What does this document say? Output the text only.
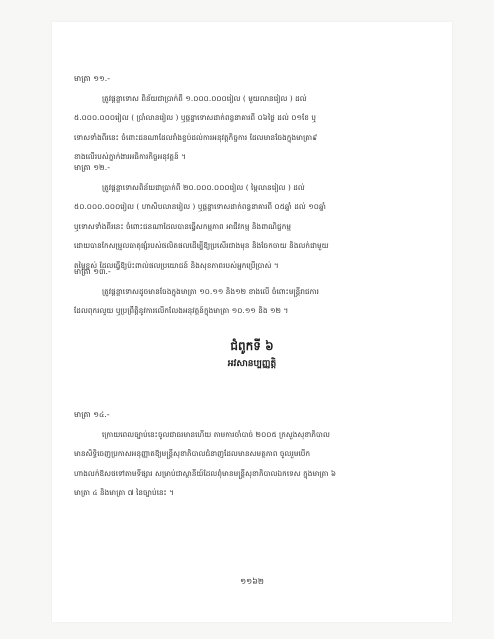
មាត្រា ១១.-
ត្រូវផ្តន្ទាទោស ពិន័យជាប្រាក់ពី ១.០០០.០០០រៀល ( មួយលានរៀល ) ដល់
៥.០០០.០០០រៀល ( ប្រាំលានរៀល ) ឬផ្តន្ទាទោសដាក់ពន្ធនាគារពី ០៦ថ្ងៃ ដល់ ០១ខែ ឬ
ទោសទាំងពីរនេះ ចំពោះជនណាដែលរាំងខ្ទប់ដល់ការអនុវត្តកិច្ចការ ដែលមានចែងក្នុងមាត្រា៩
ខាងលើរបស់ភ្នាក់ងារអធិការកិច្ចអនុវត្តន៍ ។
មាត្រា ១២.-
ត្រូវផ្តន្ទាទោសពិន័យជាប្រាក់ពី ២០.០០០.០០០រៀល ( ម្ភៃលានរៀល ) ដល់
៥០.០០០.០០០រៀល ( ហាសិបលានរៀល ) ឬផ្តន្ទាទោសដាក់ពន្ធនាគារពី ០៥ឆ្នាំ ដល់ ១០ឆ្នាំ
ឬទោសទាំងពីរនេះ ចំពោះជនណាដែលបានធ្វើសកម្មភាព អាជីវកម្ម និងពាណិជ្ជកម្ម
ដោយបានកែសម្រួលធាតុផ្សំរបស់ផលិតផលដើម្បីឱ្យប្រសើរជាងមុន និងចែកចាយ និងលក់ជាមួយ
តម្លៃខ្ពស់ ដែលធ្វើឱ្យប៉ះពាល់ផលប្រយោជន៍ និងសុខភាពរបស់អ្នកប្រើប្រាស់ ។
មាត្រា ១៣.-
ត្រូវផ្តន្ទាទោសដូចមានចែងក្នុងមាត្រា ១០.១១ និង១២ ខាងលើ ចំពោះមន្ត្រីរាជការ
ដែលពុករលួយ ឬប្រព្រឹត្តិនូវការលើកលែងអនុវត្តន៍ក្នុងមាត្រា ១០.១១ និង ១២ ។
ជំពូកទី ៦
អវសានប្បញ្ញត្តិ
មាត្រា ១៤.-
ក្រោយពេលច្បាប់នេះចូលជាធរមានហើយ តាមការចាំបាច់ ២០០៥ ក្រសួងសុខាភិបាល
មានសិទ្ធិចេញប្រកាសអនុញ្ញាតឱ្យមន្ត្រីសុខាភិបាលជំនាញដែលមានសមត្ថភាព ចូលរួមបើក
ហាងលក់ឱសថទៅតាមទីផ្សារ សម្រាប់ជាស្ថានីយ៍ដែលពុំមានមន្ត្រីសុខាភិបាលឯកទេស ក្នុងមាត្រា ៦
មាត្រា ៤ និងមាត្រា ៧ នៃច្បាប់នេះ ។
១១៦២
